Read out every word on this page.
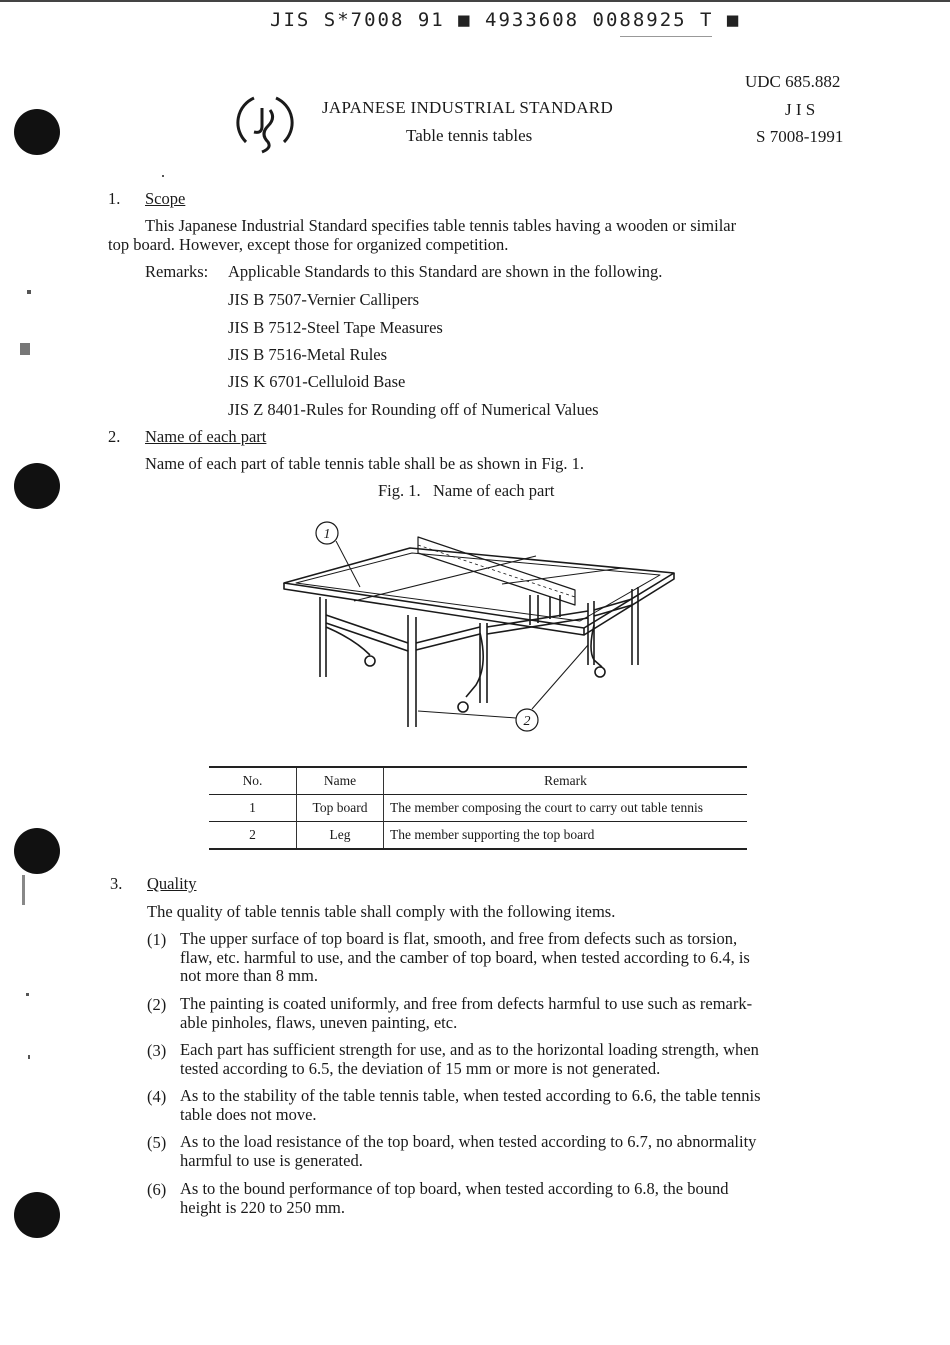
JIS S*7008 91 ■ 4933608 0088925 T ■
JAPANESE INDUSTRIAL STANDARD
Table tennis tables
UDC 685.882
J I S
S 7008-1991
1. Scope
This Japanese Industrial Standard specifies table tennis tables having a wooden or similar
top board. However, except those for organized competition.
Remarks: Applicable Standards to this Standard are shown in the following.
JIS B 7507-Vernier Callipers
JIS B 7512-Steel Tape Measures
JIS B 7516-Metal Rules
JIS K 6701-Celluloid Base
JIS Z 8401-Rules for Rounding off of Numerical Values
2. Name of each part
Name of each part of table tennis table shall be as shown in Fig. 1.
Fig. 1.   Name of each part
1
2
No.	Name	Remark
1	Top board	The member composing the court to carry out table tennis
2	Leg	The member supporting the top board
3. Quality
The quality of table tennis table shall comply with the following items.
(1) The upper surface of top board is flat, smooth, and free from defects such as torsion,
flaw, etc. harmful to use, and the camber of top board, when tested according to 6.4, is
not more than 8 mm.
(2) The painting is coated uniformly, and free from defects harmful to use such as remark-
able pinholes, flaws, uneven painting, etc.
(3) Each part has sufficient strength for use, and as to the horizontal loading strength, when
tested according to 6.5, the deviation of 15 mm or more is not generated.
(4) As to the stability of the table tennis table, when tested according to 6.6, the table tennis
table does not move.
(5) As to the load resistance of the top board, when tested according to 6.7, no abnormality
harmful to use is generated.
(6) As to the bound performance of top board, when tested according to 6.8, the bound
height is 220 to 250 mm.
